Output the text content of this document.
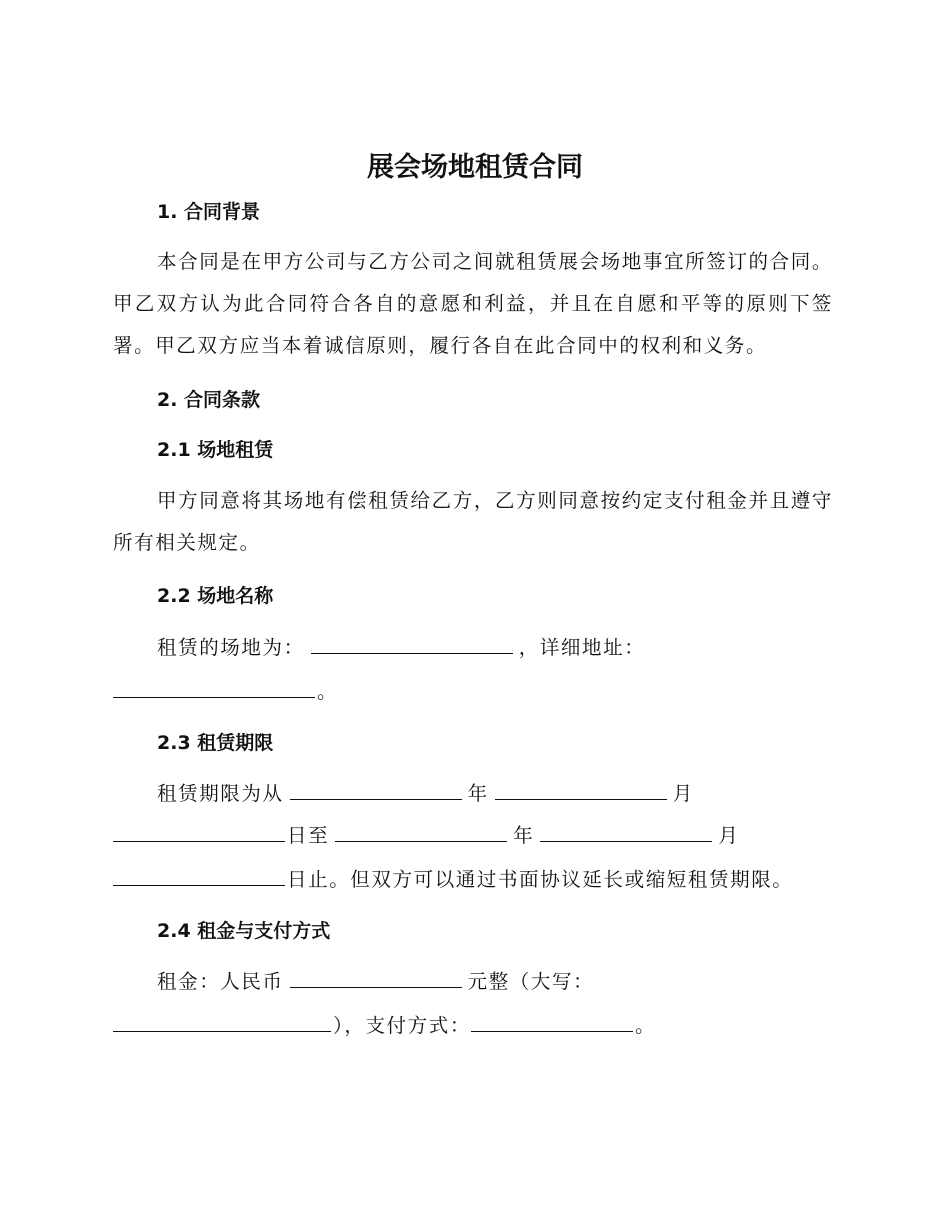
展会场地租赁合同
1. 合同背景
本合同是在甲方公司与乙方公司之间就租赁展会场地事宜所签订的合同。甲乙双方认为此合同符合各自的意愿和利益，并且在自愿和平等的原则下签署。甲乙双方应当本着诚信原则，履行各自在此合同中的权利和义务。
2. 合同条款
2.1 场地租赁
甲方同意将其场地有偿租赁给乙方，乙方则同意按约定支付租金并且遵守所有相关规定。
2.2 场地名称
租赁的场地为：	，详细地址：
。
2.3 租赁期限
租赁期限为从	年	月
日至	年	月
日止。但双方可以通过书面协议延长或缩短租赁期限。
2.4 租金与支付方式
租金：人民币	元整（大写：
），支付方式：	。
